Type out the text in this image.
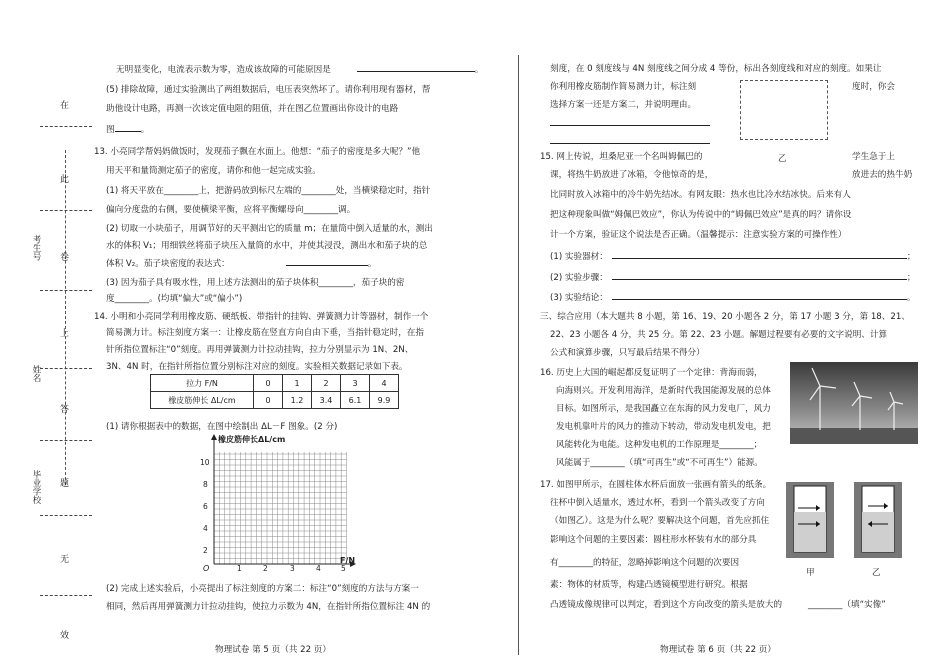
在
此
卷
上
答
题
无
效
考生号
姓名
毕业学校
无明显变化，电流表示数为零，造成该故障的可能原因是	。
(5) 排除故障，通过实验测出了两组数据后，电压表突然坏了。请你利用现有器材，帮
助他设计电路，再测一次该定值电阻的阻值，并在图乙位置画出你设计的电路
图	。
13. 小亮同学帮妈妈做饭时，发现茄子飘在水面上。他想：“茄子的密度是多大呢？”他
用天平和量筒测定茄子的密度，请你和他一起完成实验。
(1) 将天平放在________上，把游码放到标尺左端的________处，当横梁稳定时，指针
偏向分度盘的右侧，要使横梁平衡，应将平衡螺母向________调。
(2) 切取一小块茄子，用调节好的天平测出它的质量 m；在量筒中倒入适量的水，测出
水的体积 V₁；用细铁丝将茄子块压入量筒的水中，并使其浸没，测出水和茄子块的总
体积 V₂。茄子块密度的表达式：	。
(3) 因为茄子具有吸水性，用上述方法测出的茄子块体积________，茄子块的密
度________。(均填“偏大”或“偏小”)
14. 小明和小亮同学利用橡皮筋、硬纸板、带指针的挂钩、弹簧测力计等器材，制作一个
简易测力计。标注刻度方案一：让橡皮筋在竖直方向自由下垂，当指针稳定时，在指
针所指位置标注“0”刻度。再用弹簧测力计拉动挂钩，拉力分别显示为 1N、2N、
3N、4N 时，在指针所指位置分别标注对应的刻度。实验相关数据记录如下表。
拉力 F/N	0	1	2	3	4
橡皮筋伸长 ΔL/cm	0	1.2	3.4	6.1	9.9
(1) 请你根据表中的数据，在图中绘制出 ΔL－F 图象。(2 分)
橡皮筋伸长ΔL/cm
F/N
O
10
8
6
4
2
1	2	3	4	5
(2) 完成上述实验后，小亮提出了标注刻度的方案二：标注“0”刻度的方法与方案一
相同，然后再用弹簧测力计拉动挂钩，使拉力示数为 4N，在指针所指位置标注 4N 的
物理试卷 第 5 页（共 22 页）
刻度，在 0 刻度线与 4N 刻度线之间分成 4 等份，标出各刻度线和对应的刻度。如果让
你利用橡皮筋制作简易测力计，标注刻	度时，你会
选择方案一还是方案二，并说明理由。
乙
15. 网上传说，坦桑尼亚一个名叫姆佩巴的	学生急于上
课，将热牛奶放进了冰箱，令他惊奇的是，	放进去的热牛奶
比同时放入冰箱中的冷牛奶先结冰。有网友眼：热水也比冷水结冰快。后来有人
把这种现象叫做“姆佩巴效应”，你认为传说中的“姆佩巴效应”是真的吗？请你设
计一个方案，验证这个说法是否正确。（温馨提示：注意实验方案的可操作性）
(1) 实验器材：	；
(2) 实验步骤：	；
(3) 实验结论：	。
三、综合应用（本大题共 8 小题，第 16、19、20 小题各 2 分，第 17 小题 3 分，第 18、21、
22、23 小题各 4 分，共 25 分。第 22、23 小题。解题过程要有必要的文字说明、计算
公式和演算步骤，只写最后结果不得分）
16. 历史上大国的崛起都反复证明了一个定律：背海而弱，
向海则兴。开发利用海洋，是新时代我国能源发展的总体
目标。如图所示，是我国矗立在东海的风力发电厂，风力
发电机靠叶片的风力的推动下转动，带动发电机发电，把
风能转化为电能。这种发电机的工作原理是________；
风能属于________（填“可再生”或“不可再生”）能源。
17. 如图甲所示，在圆柱体水杯后面放一张画有箭头的纸条。
往杯中倒入适量水，透过水杯，看到一个箭头改变了方向
（如图乙）。这是为什么呢？要解决这个问题，首先应抓住
影响这个问题的主要因素：圆柱形水杯装有水的部分具
有________的特征，忽略掉影响这个问题的次要因
素：物体的材质等，构建凸透镜模型进行研究。根据
凸透镜成像规律可以判定，看到这个方向改变的箭头是放大的	________（填“实像”
甲	乙
物理试卷 第 6 页（共 22 页）
